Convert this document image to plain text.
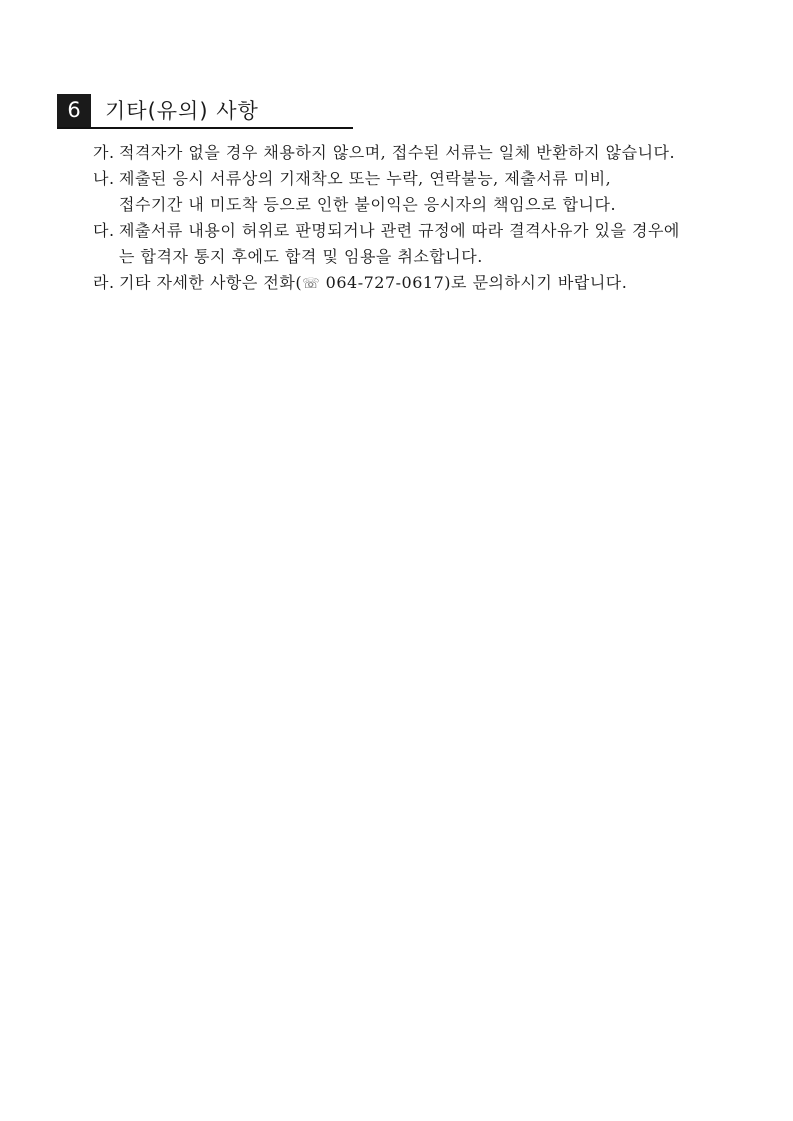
6	기타(유의) 사항
가. 적격자가 없을 경우 채용하지 않으며, 접수된 서류는 일체 반환하지 않습니다.
나. 제출된 응시 서류상의 기재착오 또는 누락, 연락불능, 제출서류 미비,
접수기간 내 미도착 등으로 인한 불이익은 응시자의 책임으로 합니다.
다. 제출서류 내용이 허위로 판명되거나 관련 규정에 따라 결격사유가 있을 경우에
는 합격자 통지 후에도 합격 및 임용을 취소합니다.
라. 기타 자세한 사항은 전화(☏ 064-727-0617)로 문의하시기 바랍니다.
